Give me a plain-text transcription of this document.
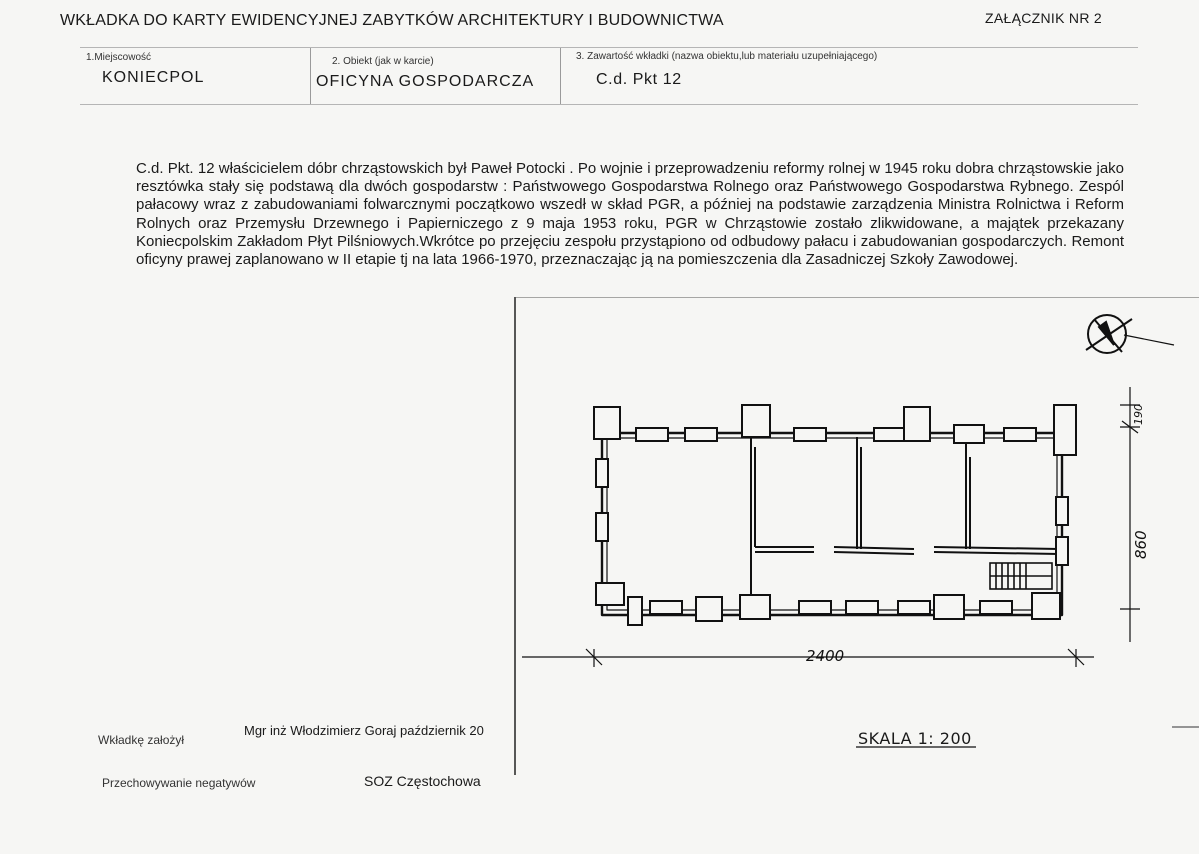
WKŁADKA DO KARTY EWIDENCYJNEJ ZABYTKÓW ARCHITEKTURY I BUDOWNICTWA	ZAŁĄCZNIK NR 2
1.Miejscowość
KONIECPOL
2. Obiekt (jak w karcie)
OFICYNA GOSPODARCZA
3. Zawartość wkładki (nazwa obiektu,lub materiału uzupełniającego)
C.d. Pkt 12
C.d. Pkt. 12 właścicielem dóbr chrząstowskich był Paweł Potocki . Po wojnie i przeprowadzeniu reformy rolnej w 1945 roku dobra chrząstowskie jako resztówka stały się podstawą dla dwóch gospodarstw : Państwowego Gospodarstwa Rolnego oraz Państwowego Gospodarstwa Rybnego. Zespól pałacowy wraz z zabudowaniami folwarcznymi początkowo wszedł w skład PGR, a później na podstawie zarządzenia Ministra Rolnictwa i Reform Rolnych oraz Przemysłu Drzewnego i Papierniczego z 9 maja 1953 roku, PGR w Chrząstowie zostało zlikwidowane, a majątek przekazany Koniecpolskim Zakładom Płyt Pilśniowych.Wkrótce po przejęciu zespołu przystąpiono od odbudowy pałacu i zabudowanian gospodarczych. Remont oficyny prawej zaplanowano w II etapie tj na lata 1966-1970, przeznaczając ją na pomieszczenia dla Zasadniczej Szkoły Zawodowej.
2400
860
190
SKALA 1: 200
Wkładkę założył
Mgr inż Włodzimierz Goraj październik 20
Przechowywanie negatywów	SOZ Częstochowa
